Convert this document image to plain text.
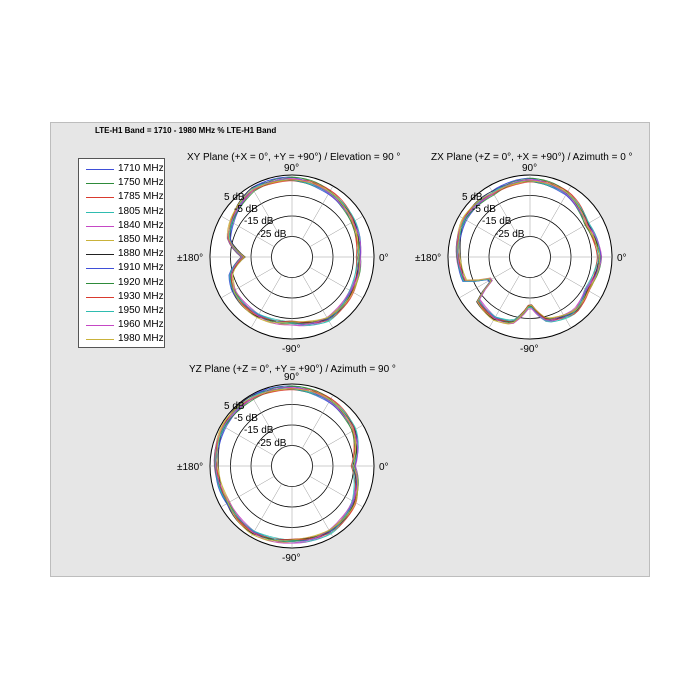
LTE-H1 Band = 1710 - 1980 MHz % LTE-H1 Band
1710 MHz
1750 MHz
1785 MHz
1805 MHz
1840 MHz
1850 MHz
1880 MHz
1910 MHz
1920 MHz
1930 MHz
1950 MHz
1960 MHz
1980 MHz
XY Plane (+X = 0°, +Y = +90°) / Elevation = 90 °	ZX Plane (+Z = 0°, +X = +90°) / Azimuth = 0 °
YZ Plane (+Z = 0°, +Y = +90°) / Azimuth = 90 °
5 dB
-5 dB
-15 dB
-25 dB
90°
0°
±180°
-90°
5 dB
-5 dB
-15 dB
-25 dB
90°
0°
±180°
-90°
5 dB
-5 dB
-15 dB
-25 dB
90°
0°
±180°
-90°
